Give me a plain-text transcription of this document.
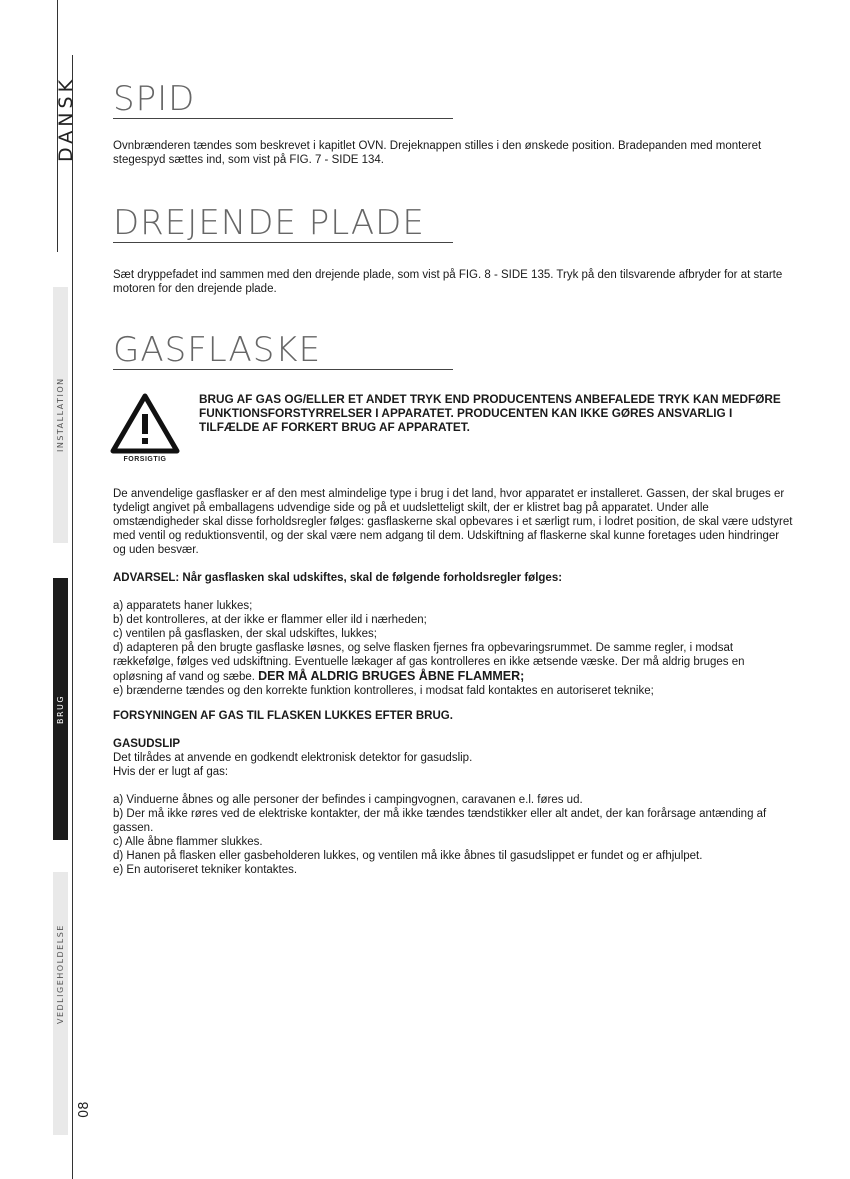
DANSK
INSTALLATION
BRUG
VEDLIGEHOLDELSE
08
SPID

Ovnbrænderen tændes som beskrevet i kapitlet OVN. Drejeknappen stilles i den ønskede position. Bradepanden med monteret stegespyd sættes ind, som vist på FIG. 7 - SIDE 134.

DREJENDE PLADE

Sæt dryppefadet ind sammen med den drejende plade, som vist på FIG. 8 - SIDE 135. Tryk på den tilsvarende afbryder for at starte motoren for den drejende plade.

GASFLASKE
FORSIGTIG
BRUG AF GAS OG/ELLER ET ANDET TRYK END PRODUCENTENS ANBEFALEDE TRYK KAN MEDFØRE FUNKTIONSFORSTYRRELSER I APPARATET. PRODUCENTEN KAN IKKE GØRES ANSVARLIG I TILFÆLDE AF FORKERT BRUG AF APPARATET.

De anvendelige gasflasker er af den mest almindelige type i brug i det land, hvor apparatet er installeret. Gassen, der skal bruges er tydeligt angivet på emballagens udvendige side og på et uudsletteligt skilt, der er klistret bag på apparatet. Under alle omstændigheder skal disse forholdsregler følges: gasflaskerne skal opbevares i et særligt rum, i lodret position, de skal være udstyret med ventil og reduktionsventil, og der skal være nem adgang til dem. Udskiftning af flaskerne skal kunne foretages uden hindringer og uden besvær.

ADVARSEL: Når gasflasken skal udskiftes, skal de følgende forholdsregler følges:

a) apparatets haner lukkes;

b) det kontrolleres, at der ikke er flammer eller ild i nærheden;

c) ventilen på gasflasken, der skal udskiftes, lukkes;

d) adapteren på den brugte gasflaske løsnes, og selve flasken fjernes fra opbevaringsrummet. De samme regler, i modsat rækkefølge, følges ved udskiftning. Eventuelle lækager af gas kontrolleres en ikke ætsende væske. Der må aldrig bruges en opløsning af vand og sæbe. DER MÅ ALDRIG BRUGES ÅBNE FLAMMER;

e) brænderne tændes og den korrekte funktion kontrolleres, i modsat fald kontaktes en autoriseret teknike;

FORSYNINGEN AF GAS TIL FLASKEN LUKKES EFTER BRUG.

GASUDSLIP

Det tilrådes at anvende en godkendt elektronisk detektor for gasudslip.

Hvis der er lugt af gas:

a) Vinduerne åbnes og alle personer der befindes i campingvognen, caravanen e.l. føres ud.

b) Der må ikke røres ved de elektriske kontakter, der må ikke tændes tændstikker eller alt andet, der kan forårsage antænding af gassen.

c) Alle åbne flammer slukkes.

d) Hanen på flasken eller gasbeholderen lukkes, og ventilen må ikke åbnes til gasudslippet er fundet og er afhjulpet.

e) En autoriseret tekniker kontaktes.
